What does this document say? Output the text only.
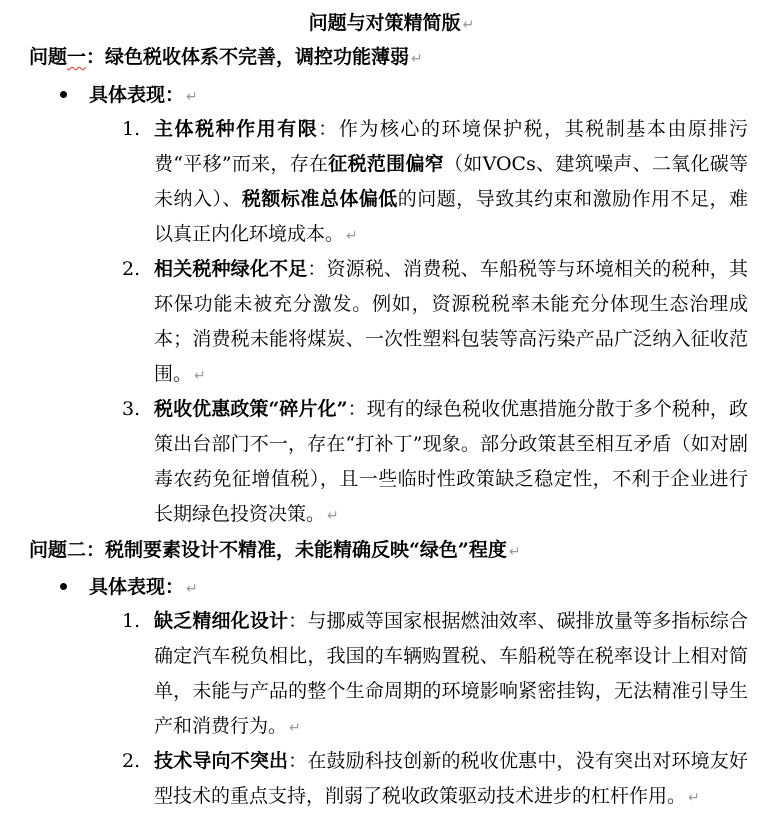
问题与对策精简版 ↵
问题一：绿色税收体系不完善，调控功能薄弱 ↵
具体表现： ↵
1. 主体税种作用有限：作为核心的环境保护税，其税制基本由原排污费“平移”而来，存在征税范围偏窄（如VOCs、建筑噪声、二氧化碳等未纳入）、税额标准总体偏低的问题，导致其约束和激励作用不足，难以真正内化环境成本。 ↵
2. 相关税种绿化不足：资源税、消费税、车船税等与环境相关的税种，其环保功能未被充分激发。例如，资源税税率未能充分体现生态治理成本；消费税未能将煤炭、一次性塑料包装等高污染产品广泛纳入征收范围。 ↵
3. 税收优惠政策“碎片化”：现有的绿色税收优惠措施分散于多个税种，政策出台部门不一，存在“打补丁”现象。部分政策甚至相互矛盾（如对剧毒农药免征增值税），且一些临时性政策缺乏稳定性，不利于企业进行长期绿色投资决策。 ↵
问题二：税制要素设计不精准，未能精确反映“绿色”程度 ↵
具体表现： ↵
1. 缺乏精细化设计：与挪威等国家根据燃油效率、碳排放量等多指标综合确定汽车税负相比，我国的车辆购置税、车船税等在税率设计上相对简单，未能与产品的整个生命周期的环境影响紧密挂钩，无法精准引导生产和消费行为。 ↵
2. 技术导向不突出：在鼓励科技创新的税收优惠中，没有突出对环境友好型技术的重点支持，削弱了税收政策驱动技术进步的杠杆作用。 ↵
